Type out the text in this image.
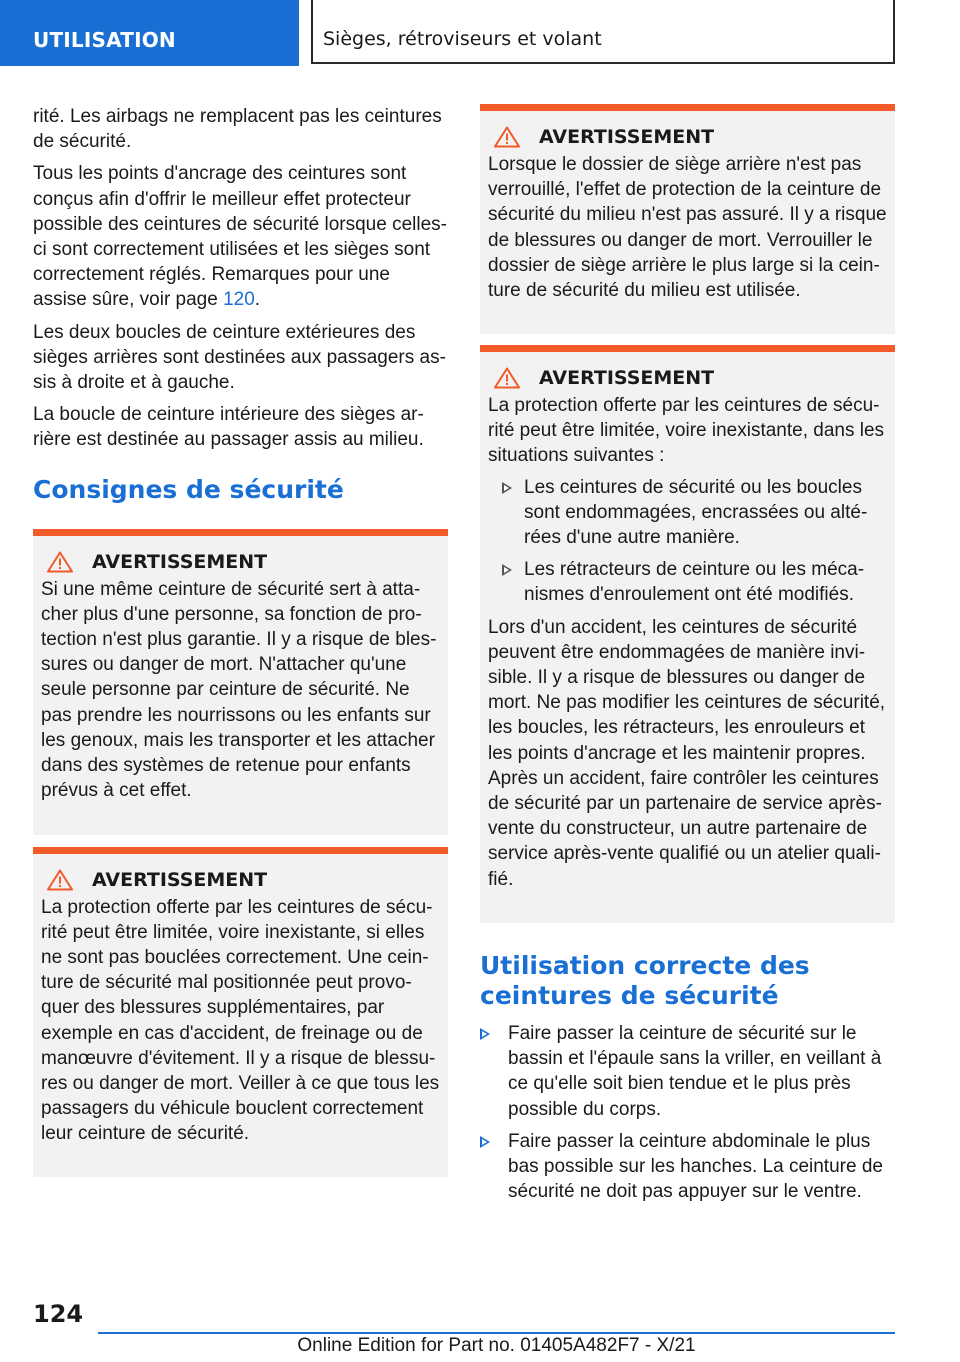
UTILISATION	Sièges, rétroviseurs et volant

rité. Les airbags ne remplacent pas les ceintures de sécurité.

Tous les points d'ancrage des ceintures sont conçus afin d'offrir le meilleur effet protecteur possible des ceintures de sécurité lorsque celles-ci sont correctement utilisées et les sièges sont correctement réglés. Remarques pour une assise sûre, voir page 120.

Les deux boucles de ceinture extérieures des sièges arrières sont destinées aux passagers assis à droite et à gauche.

La boucle de ceinture intérieure des sièges arrière est destinée au passager assis au milieu.

Consignes de sécurité
AVERTISSEMENT

Si une même ceinture de sécurité sert à attacher plus d'une personne, sa fonction de protection n'est plus garantie. Il y a risque de blessures ou danger de mort. N'attacher qu'une seule personne par ceinture de sécurité. Ne pas prendre les nourrissons ou les enfants sur les genoux, mais les transporter et les attacher dans des systèmes de retenue pour enfants prévus à cet effet.

AVERTISSEMENT

La protection offerte par les ceintures de sécurité peut être limitée, voire inexistante, si elles ne sont pas bouclées correctement. Une ceinture de sécurité mal positionnée peut provoquer des blessures supplémentaires, par exemple en cas d'accident, de freinage ou de manœuvre d'évitement. Il y a risque de blessures ou danger de mort. Veiller à ce que tous les passagers du véhicule bouclent correctement leur ceinture de sécurité.

AVERTISSEMENT

Lorsque le dossier de siège arrière n'est pas verrouillé, l'effet de protection de la ceinture de sécurité du milieu n'est pas assuré. Il y a risque de blessures ou danger de mort. Verrouiller le dossier de siège arrière le plus large si la ceinture de sécurité du milieu est utilisée.

AVERTISSEMENT

La protection offerte par les ceintures de sécurité peut être limitée, voire inexistante, dans les situations suivantes :

Les ceintures de sécurité ou les boucles sont endommagées, encrassées ou altérées d'une autre manière.
Les rétracteurs de ceinture ou les mécanismes d'enroulement ont été modifiés.

Lors d'un accident, les ceintures de sécurité peuvent être endommagées de manière invisible. Il y a risque de blessures ou danger de mort. Ne pas modifier les ceintures de sécurité, les boucles, les rétracteurs, les enrouleurs et les points d'ancrage et les maintenir propres. Après un accident, faire contrôler les ceintures de sécurité par un partenaire de service après-vente du constructeur, un autre partenaire de service après-vente qualifié ou un atelier qualifié.

Utilisation correcte des ceintures de sécurité
Faire passer la ceinture de sécurité sur le bassin et l'épaule sans la vriller, en veillant à ce qu'elle soit bien tendue et le plus près possible du corps.
Faire passer la ceinture abdominale le plus bas possible sur les hanches. La ceinture de sécurité ne doit pas appuyer sur le ventre.
124
Online Edition for Part no. 01405A482F7 - X/21
